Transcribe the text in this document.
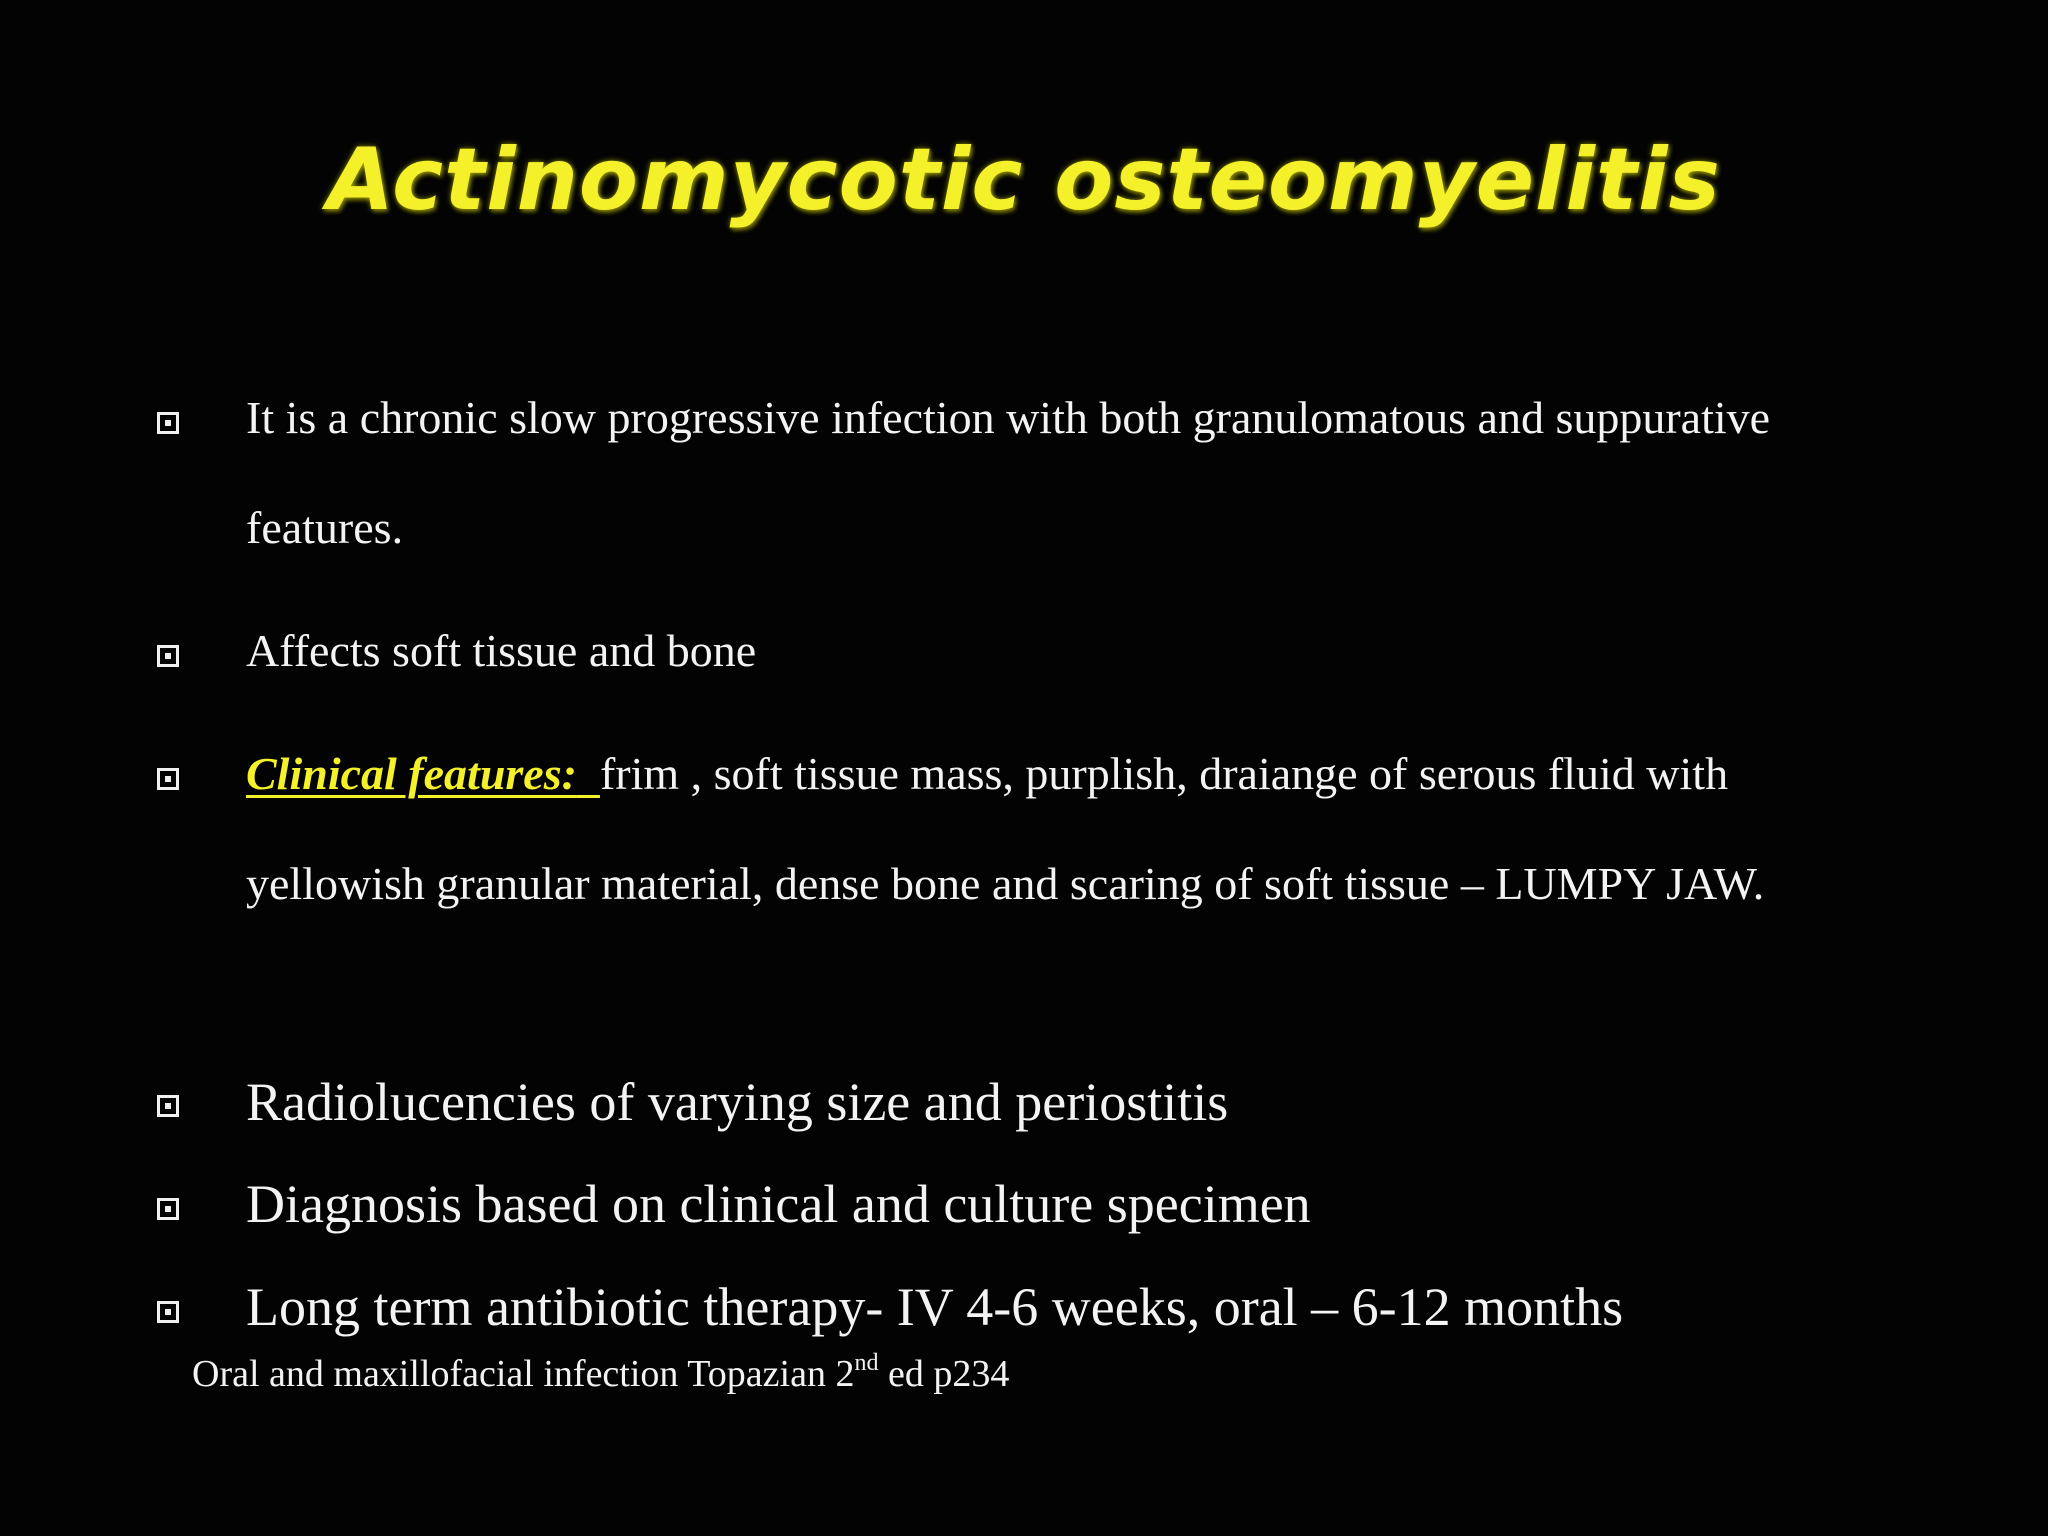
Actinomycotic osteomyelitis

It is a chronic slow progressive infection with both granulomatous and suppurative features.

Affects soft tissue and bone

Clinical features: frim , soft tissue mass, purplish, draiange of serous fluid with yellowish granular material, dense bone and scaring of soft tissue – LUMPY JAW.

Radiolucencies of varying size and periostitis

Diagnosis based on clinical and culture specimen

Long term antibiotic therapy- IV 4-6 weeks, oral – 6-12 months

Oral and maxillofacial infection Topazian 2nd ed p234
